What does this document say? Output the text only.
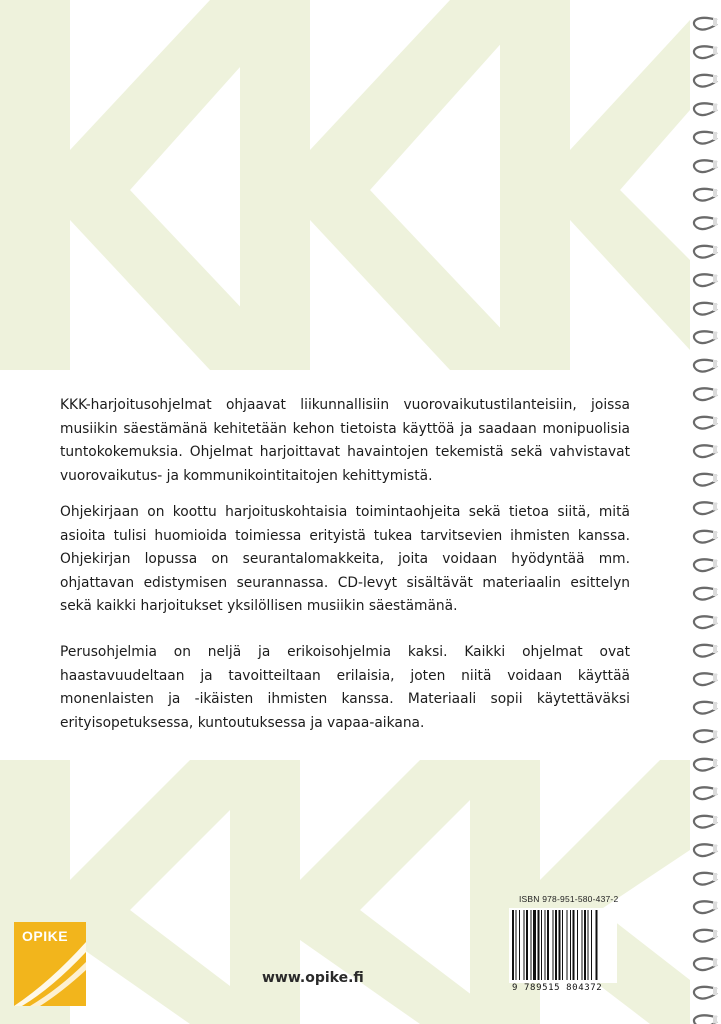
KKK-harjoitusohjelmat ohjaavat liikunnallisiin vuorovaikutustilanteisiin, joissa musiikin säestämänä kehitetään kehon tietoista käyttöä ja saadaan monipuolisia tuntokokemuksia. Ohjelmat harjoittavat havaintojen tekemistä sekä vahvistavat vuorovaikutus- ja kommunikointitaitojen kehittymistä.

Ohjekirjaan on koottu harjoituskohtaisia toimintaohjeita sekä tietoa siitä, mitä asioita tulisi huomioida toimiessa erityistä tukea tarvitsevien ihmisten kanssa. Ohjekirjan lopussa on seurantalomakkeita, joita voidaan hyödyntää mm. ohjattavan edistymisen seurannassa. CD-levyt sisältävät materiaalin esittelyn sekä kaikki harjoitukset yksilöllisen musiikin säestämänä.

Perusohjelmia on neljä ja erikoisohjelmia kaksi. Kaikki ohjelmat ovat haastavuudeltaan ja tavoitteiltaan erilaisia, joten niitä voidaan käyttää monenlaisten ja -ikäisten ihmisten kanssa. Materiaali sopii käytettäväksi erityisopetuksessa, kuntoutuksessa ja vapaa-aikana.

OPIKE
www.opike.fi
ISBN 978-951-580-437-2
9 789515 804372
